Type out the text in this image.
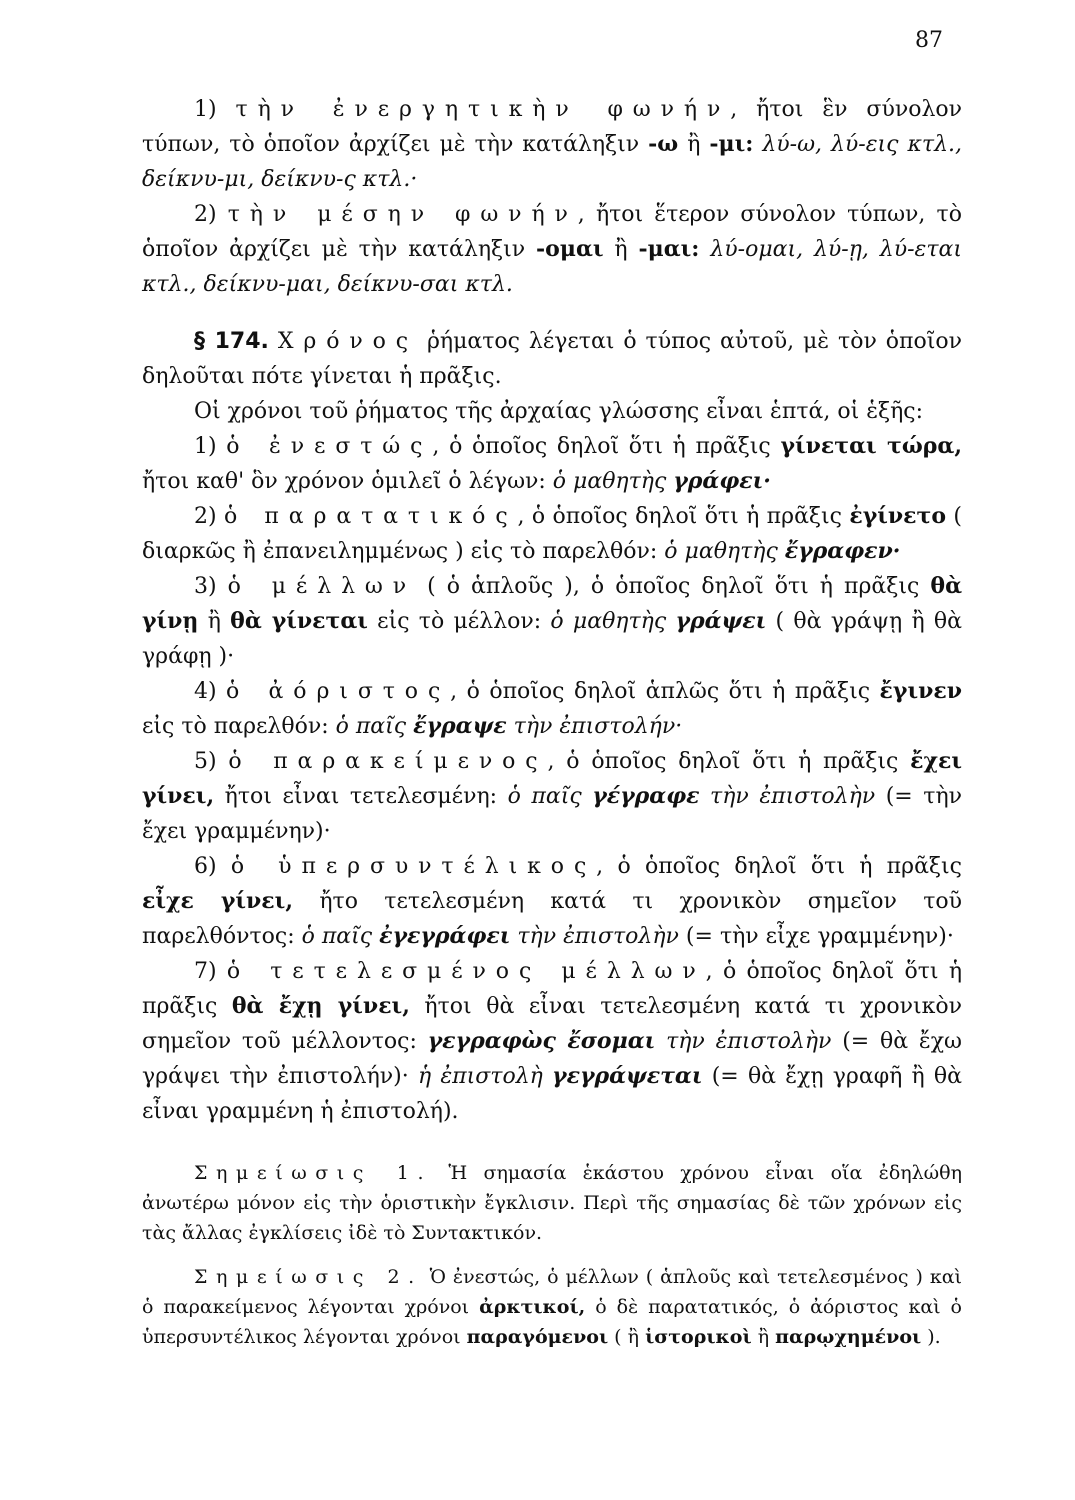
87

1) τὴν ἐνεργητικὴν φωνήν, ἤτοι ἓν σύνολον τύπων, τὸ ὁποῖον ἀρχίζει μὲ τὴν κατάληξιν -ω ἢ -μι: λύ-ω, λύ-εις κτλ., δείκνυ-μι, δείκνυ-ς κτλ.·

2) τὴν μέσην φωνήν, ἤτοι ἕτερον σύνολον τύπων, τὸ ὁποῖον ἀρχίζει μὲ τὴν κατάληξιν -ομαι ἢ -μαι: λύ-ομαι, λύ-ῃ, λύ-εται κτλ., δείκνυ-μαι, δείκνυ-σαι κτλ.

§ 174. Χρόνος ῥήματος λέγεται ὁ τύπος αὐτοῦ, μὲ τὸν ὁποῖον δηλοῦται πότε γίνεται ἡ πρᾶξις.

Οἱ χρόνοι τοῦ ῥήματος τῆς ἀρχαίας γλώσσης εἶναι ἑπτά, οἱ ἑξῆς:

1) ὁ ἐνεστώς, ὁ ὁποῖος δηλοῖ ὅτι ἡ πρᾶξις γίνεται τώρα, ἤτοι καθ' ὃν χρόνον ὁμιλεῖ ὁ λέγων: ὁ μαθητὴς γράφει·

2) ὁ παρατατικός, ὁ ὁποῖος δηλοῖ ὅτι ἡ πρᾶξις ἐγίνετο ( διαρκῶς ἢ ἐπανειλημμένως ) εἰς τὸ παρελθόν: ὁ μαθητὴς ἔγραφεν·

3) ὁ μέλλων ( ὁ ἁπλοῦς ), ὁ ὁποῖος δηλοῖ ὅτι ἡ πρᾶξις θὰ γίνῃ ἢ θὰ γίνεται εἰς τὸ μέλλον: ὁ μαθητὴς γράψει ( θὰ γράψῃ ἢ θὰ γράφῃ )·

4) ὁ ἀόριστος, ὁ ὁποῖος δηλοῖ ἁπλῶς ὅτι ἡ πρᾶξις ἔγινεν εἰς τὸ παρελθόν: ὁ παῖς ἔγραψε τὴν ἐπιστολήν·

5) ὁ παρακείμενος, ὁ ὁποῖος δηλοῖ ὅτι ἡ πρᾶξις ἔχει γίνει, ἤτοι εἶναι τετελεσμένη: ὁ παῖς γέγραφε τὴν ἐπιστολὴν (= τὴν ἔχει γραμμένην)·

6) ὁ ὑπερσυντέλικος, ὁ ὁποῖος δηλοῖ ὅτι ἡ πρᾶξις εἶχε γίνει, ἤτο τετελεσμένη κατά τι χρονικὸν σημεῖον τοῦ παρελθόντος: ὁ παῖς ἐγεγράφει τὴν ἐπιστολὴν (= τὴν εἶχε γραμμένην)·

7) ὁ τετελεσμένος μέλλων, ὁ ὁποῖος δηλοῖ ὅτι ἡ πρᾶξις θὰ ἔχῃ γίνει, ἤτοι θὰ εἶναι τετελεσμένη κατά τι χρονικὸν σημεῖον τοῦ μέλλοντος: γεγραφὼς ἔσομαι τὴν ἐπιστολὴν (= θὰ ἔχω γράψει τὴν ἐπιστολήν)· ἡ ἐπιστολὴ γεγράψεται (= θὰ ἔχῃ γραφῆ ἢ θὰ εἶναι γραμμένη ἡ ἐπιστολή).

Σημείωσις 1. Ἡ σημασία ἑκάστου χρόνου εἶναι οἵα ἐδηλώθη ἀνωτέρω μόνον εἰς τὴν ὁριστικὴν ἔγκλισιν. Περὶ τῆς σημασίας δὲ τῶν χρόνων εἰς τὰς ἄλλας ἐγκλίσεις ἰδὲ τὸ Συντακτικόν.

Σημείωσις 2. Ὁ ἐνεστώς, ὁ μέλλων ( ἁπλοῦς καὶ τετελεσμένος ) καὶ ὁ παρακείμενος λέγονται χρόνοι ἀρκτικοί, ὁ δὲ παρατατικός, ὁ ἀόριστος καὶ ὁ ὑπερσυντέλικος λέγονται χρόνοι παραγόμενοι ( ἢ ἱστορικοὶ ἢ παρῳχημένοι ).
